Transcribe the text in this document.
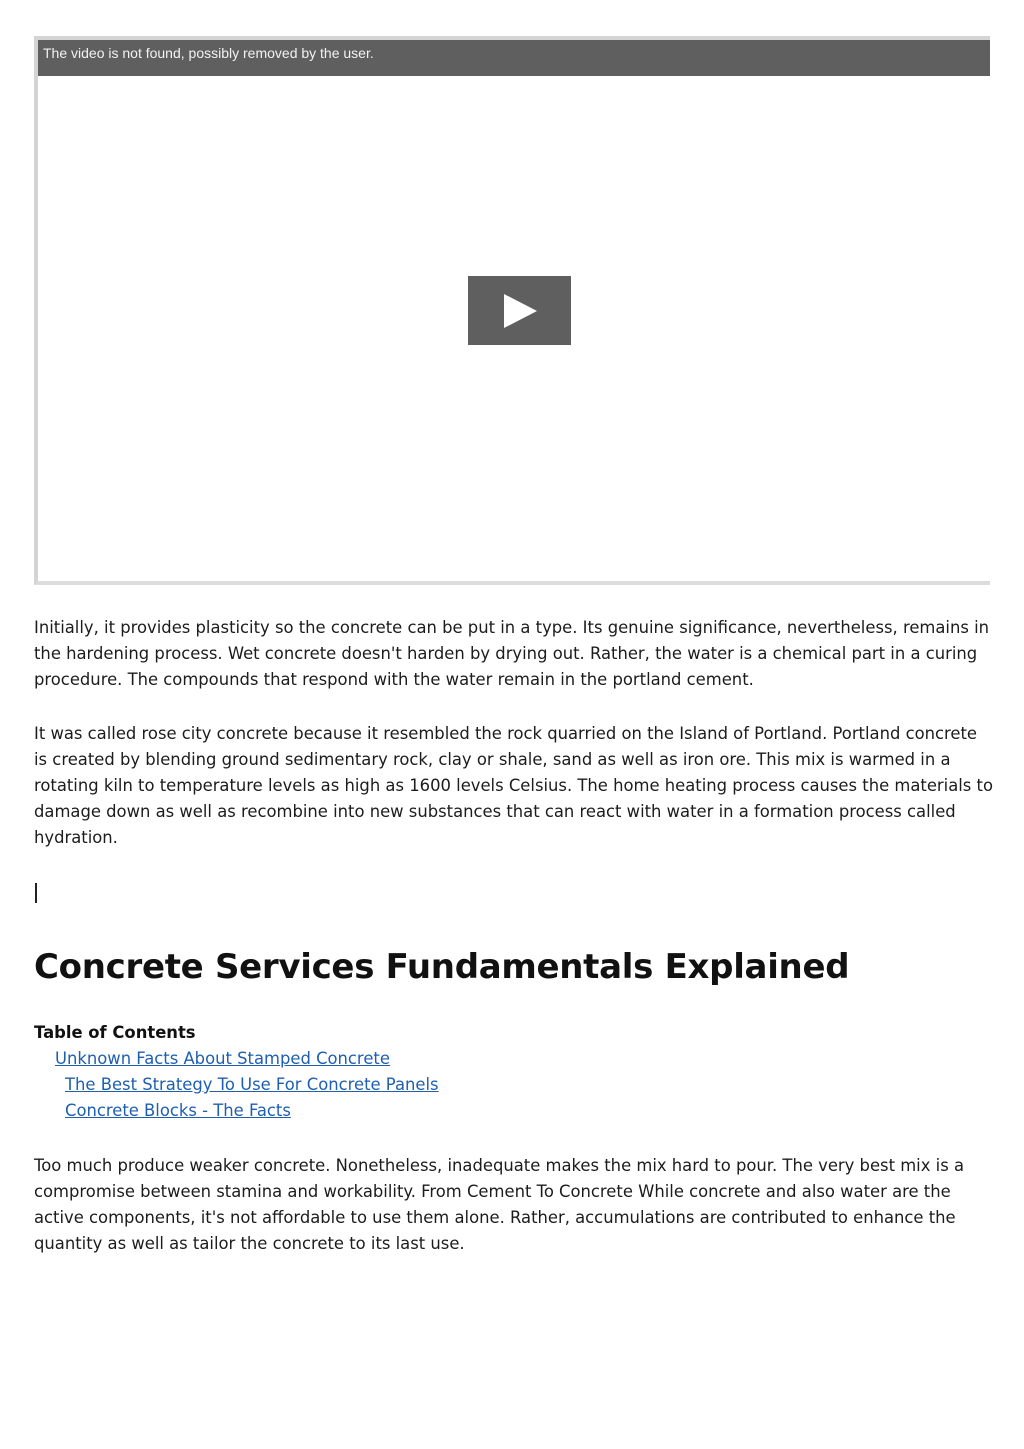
The video is not found, possibly removed by the user.

Initially, it provides plasticity so the concrete can be put in a type. Its genuine significance, nevertheless, remains in the hardening process. Wet concrete doesn't harden by drying out. Rather, the water is a chemical part in a curing procedure. The compounds that respond with the water remain in the portland cement.

It was called rose city concrete because it resembled the rock quarried on the Island of Portland. Portland concrete is created by blending ground sedimentary rock, clay or shale, sand as well as iron ore. This mix is warmed in a rotating kiln to temperature levels as high as 1600 levels Celsius. The home heating process causes the materials to damage down as well as recombine into new substances that can react with water in a formation process called hydration.

Concrete Services Fundamentals Explained
Table of Contents
Unknown Facts About Stamped Concrete
The Best Strategy To Use For Concrete Panels
Concrete Blocks - The Facts

Too much produce weaker concrete. Nonetheless, inadequate makes the mix hard to pour. The very best mix is a compromise between stamina and workability. From Cement To Concrete While concrete and also water are the active components, it's not affordable to use them alone. Rather, accumulations are contributed to enhance the quantity as well as tailor the concrete to its last use.
